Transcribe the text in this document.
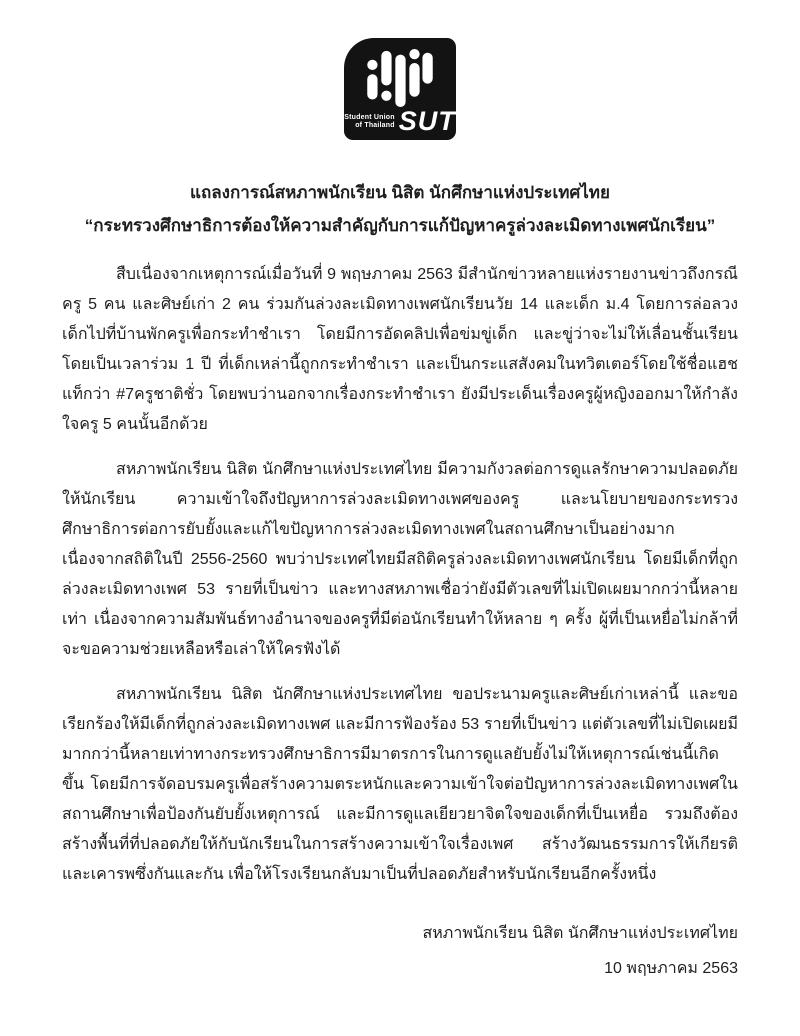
Student Union
of Thailand SUT
แถลงการณ์สหภาพนักเรียน นิสิต นักศึกษาแห่งประเทศไทย
“กระทรวงศึกษาธิการต้องให้ความสำคัญกับการแก้ปัญหาครูล่วงละเมิดทางเพศนักเรียน”

สืบเนื่องจากเหตุการณ์เมื่อวันที่ 9 พฤษภาคม 2563 มีสำนักข่าวหลายแห่งรายงานข่าวถึงกรณีครู 5 คน และศิษย์เก่า 2 คน ร่วมกันล่วงละเมิดทางเพศนักเรียนวัย 14 และเด็ก ม.4 โดยการล่อลวงเด็กไปที่บ้านพักครูเพื่อกระทำชำเรา โดยมีการอัดคลิปเพื่อข่มขู่เด็ก และขู่ว่าจะไม่ให้เลื่อนชั้นเรียน โดยเป็นเวลาร่วม 1 ปี ที่เด็กเหล่านี้ถูกกระทำชำเรา และเป็นกระแสสังคมในทวิตเตอร์โดยใช้ชื่อแฮชแท็กว่า #7ครูชาติชั่ว โดยพบว่านอกจากเรื่องกระทำชำเรา ยังมีประเด็นเรื่องครูผู้หญิงออกมาให้กำลังใจครู 5 คนนั้นอีกด้วย

สหภาพนักเรียน นิสิต นักศึกษาแห่งประเทศไทย มีความกังวลต่อการดูแลรักษาความปลอดภัยให้นักเรียน ความเข้าใจถึงปัญหาการล่วงละเมิดทางเพศของครู และนโยบายของกระทรวงศึกษาธิการต่อการยับยั้งและแก้ไขปัญหาการล่วงละเมิดทางเพศในสถานศึกษาเป็นอย่างมาก เนื่องจากสถิติในปี 2556-2560 พบว่าประเทศไทยมีสถิติครูล่วงละเมิดทางเพศนักเรียน โดยมีเด็กที่ถูกล่วงละเมิดทางเพศ 53 รายที่เป็นข่าว และทางสหภาพเชื่อว่ายังมีตัวเลขที่ไม่เปิดเผยมากกว่านี้หลายเท่า เนื่องจากความสัมพันธ์ทางอำนาจของครูที่มีต่อนักเรียนทำให้หลาย ๆ ครั้ง ผู้ที่เป็นเหยื่อไม่กล้าที่จะขอความช่วยเหลือหรือเล่าให้ใครฟังได้

สหภาพนักเรียน นิสิต นักศึกษาแห่งประเทศไทย ขอประนามครูและศิษย์เก่าเหล่านี้ และขอเรียกร้องให้มีเด็กที่ถูกล่วงละเมิดทางเพศ และมีการฟ้องร้อง 53 รายที่เป็นข่าว แต่ตัวเลขที่ไม่เปิดเผยมีมากกว่านี้หลายเท่าทางกระทรวงศึกษาธิการมีมาตรการในการดูแลยับยั้งไม่ให้เหตุการณ์เช่นนี้เกิดขึ้น โดยมีการจัดอบรมครูเพื่อสร้างความตระหนักและความเข้าใจต่อปัญหาการล่วงละเมิดทางเพศในสถานศึกษาเพื่อป้องกันยับยั้งเหตุการณ์ และมีการดูแลเยียวยาจิตใจของเด็กที่เป็นเหยื่อ รวมถึงต้องสร้างพื้นที่ที่ปลอดภัยให้กับนักเรียนในการสร้างความเข้าใจเรื่องเพศ สร้างวัฒนธรรมการให้เกียรติและเคารพซึ่งกันและกัน เพื่อให้โรงเรียนกลับมาเป็นที่ปลอดภัยสำหรับนักเรียนอีกครั้งหนึ่ง

สหภาพนักเรียน นิสิต นักศึกษาแห่งประเทศไทย
10 พฤษภาคม 2563
